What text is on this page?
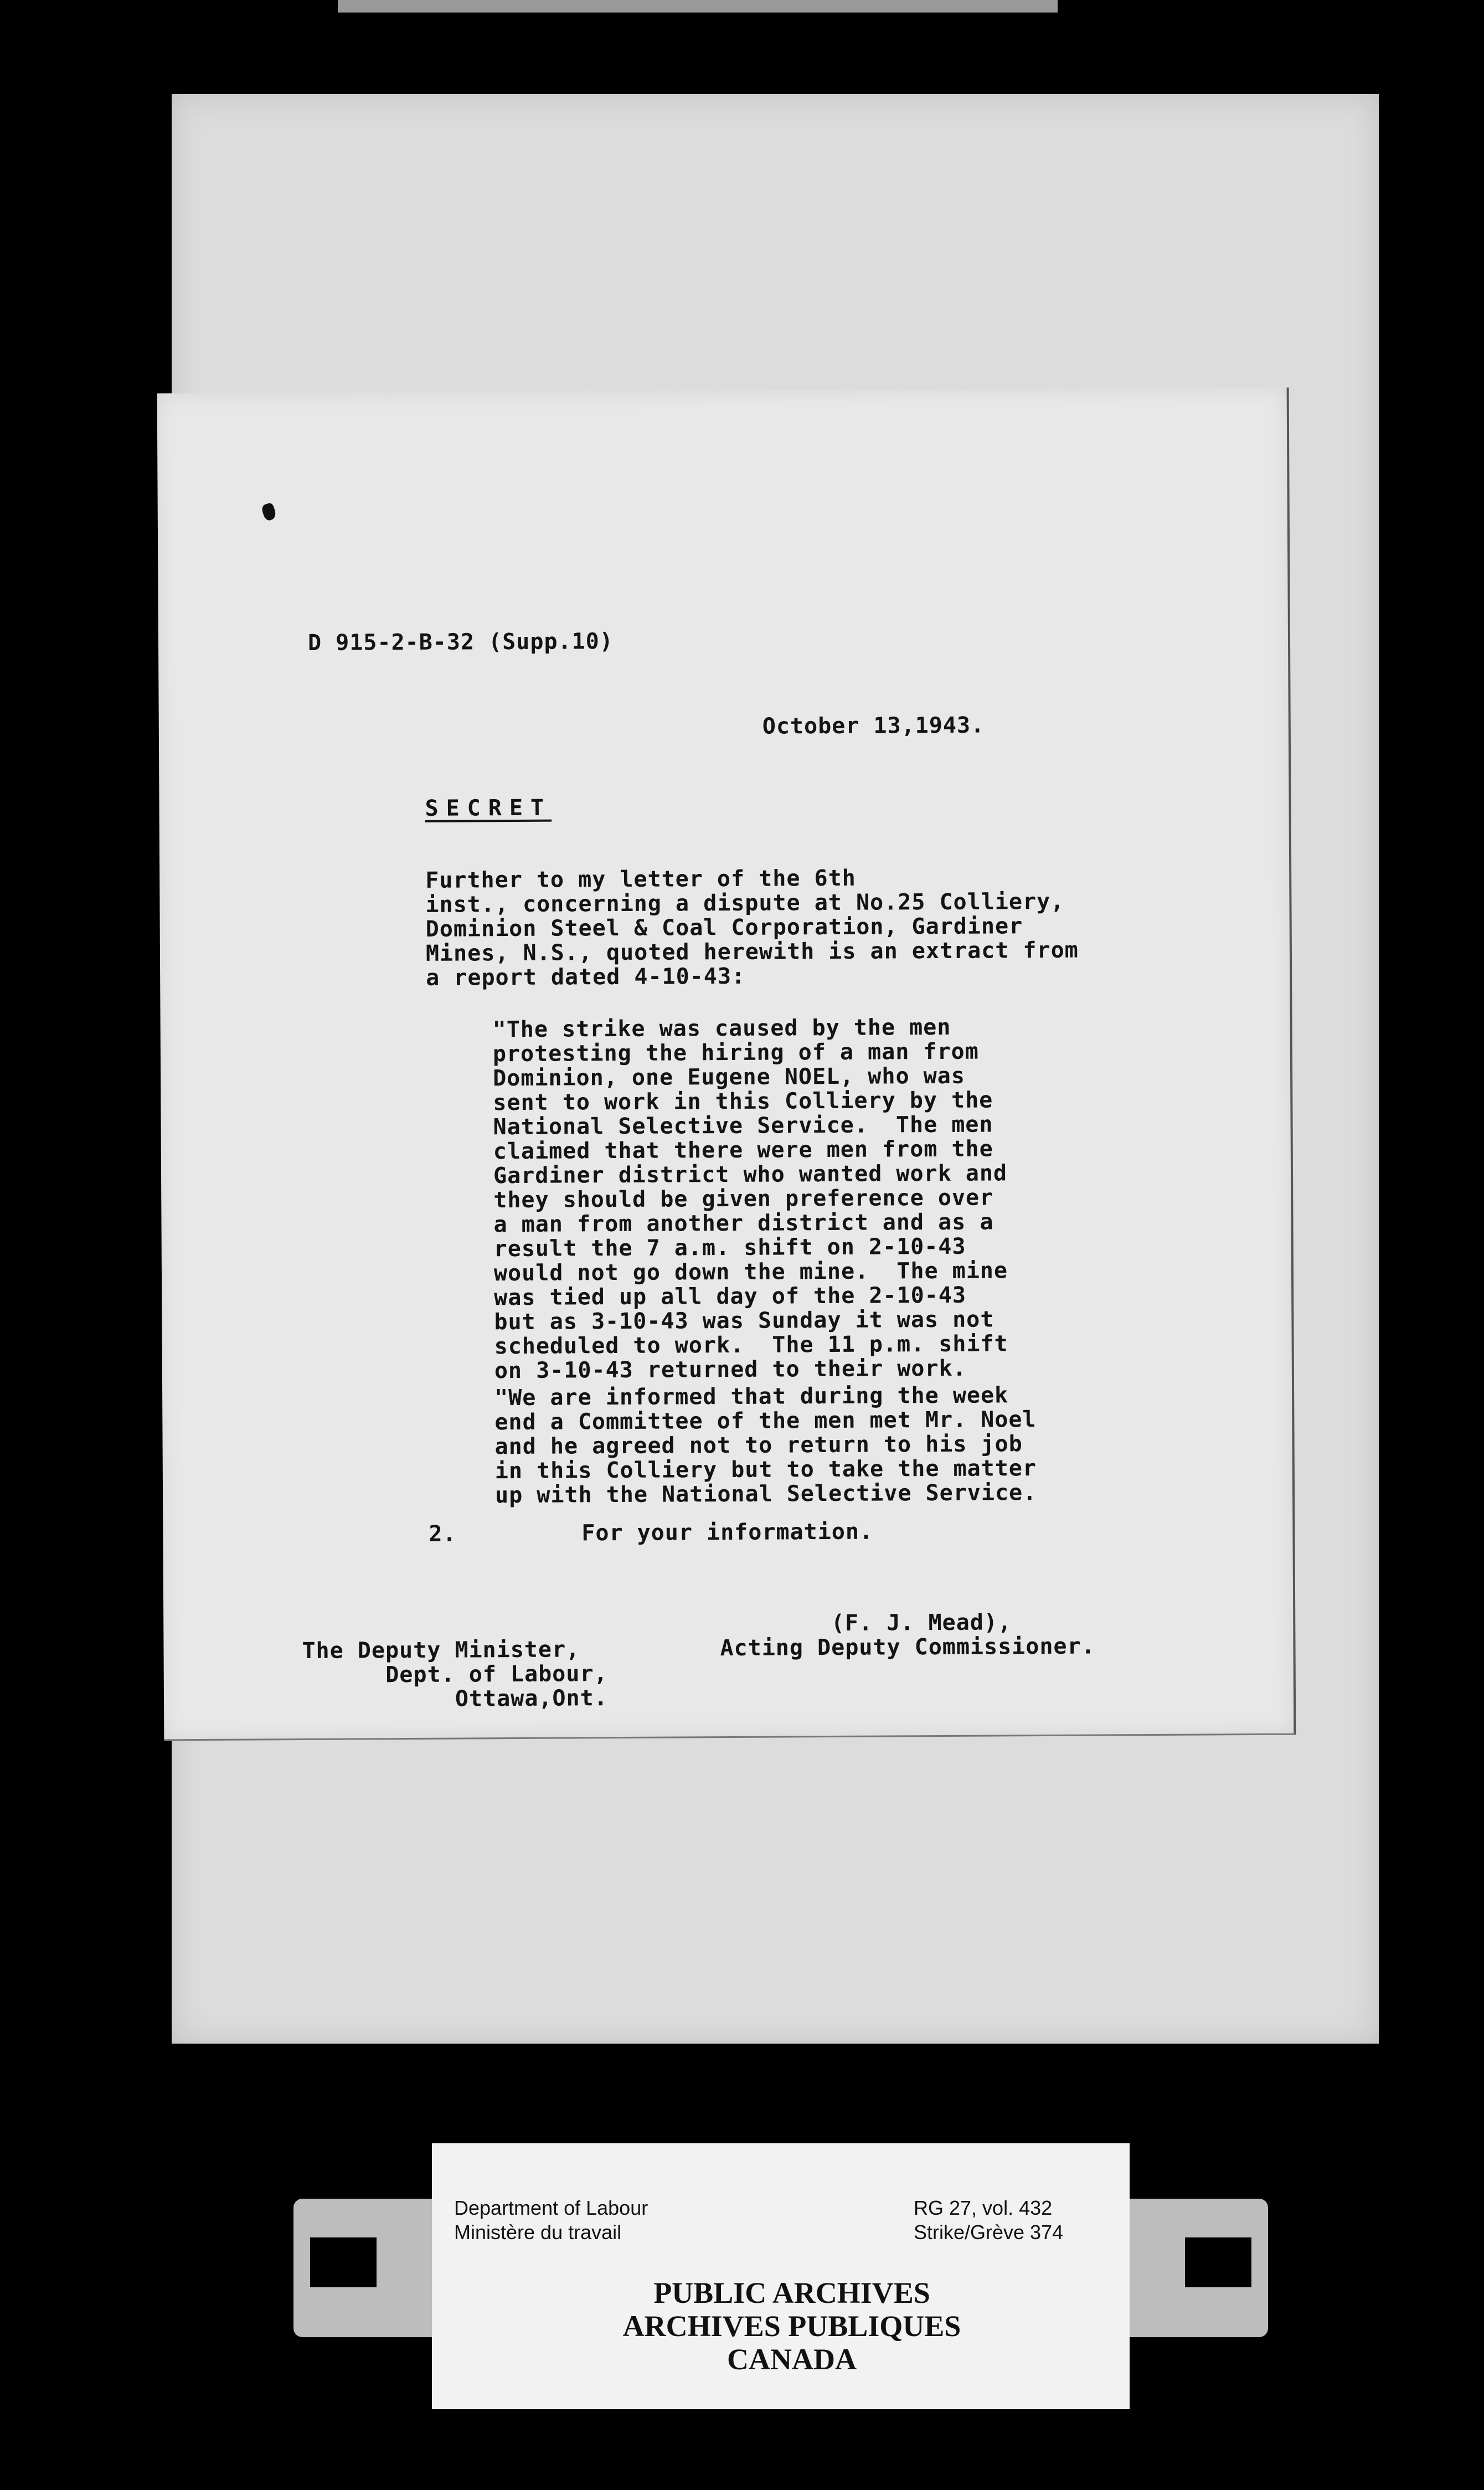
D 915-2-B-32 (Supp.10)
October 13,1943.
SECRET
Further to my letter of the 6th
inst., concerning a dispute at No.25 Colliery,
Dominion Steel & Coal Corporation, Gardiner
Mines, N.S., quoted herewith is an extract from
a report dated 4-10-43:
"The strike was caused by the men
protesting the hiring of a man from
Dominion, one Eugene NOEL, who was
sent to work in this Colliery by the
National Selective Service.  The men
claimed that there were men from the
Gardiner district who wanted work and
they should be given preference over
a man from another district and as a
result the 7 a.m. shift on 2-10-43
would not go down the mine.  The mine
was tied up all day of the 2-10-43
but as 3-10-43 was Sunday it was not
scheduled to work.  The 11 p.m. shift
on 3-10-43 returned to their work.
"We are informed that during the week
end a Committee of the men met Mr. Noel
and he agreed not to return to his job
in this Colliery but to take the matter
up with the National Selective Service.
2.         For your information.
(F. J. Mead),
Acting Deputy Commissioner.
The Deputy Minister,
Dept. of Labour,
Ottawa,Ont.
Department of Labour
Ministère du travail
RG 27, vol. 432
Strike/Grève 374
PUBLIC ARCHIVES
ARCHIVES PUBLIQUES
CANADA
